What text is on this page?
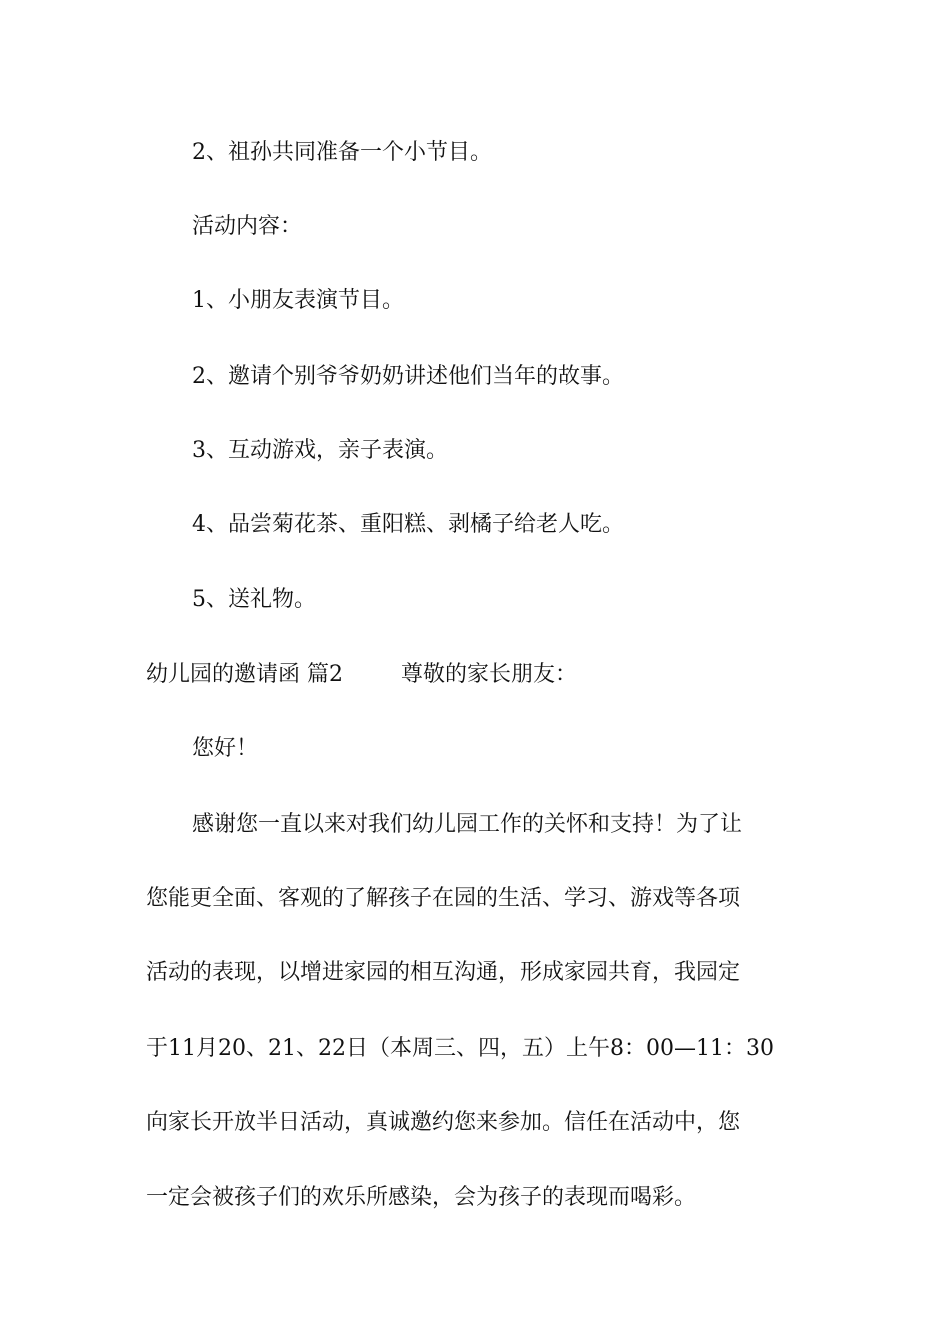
2、祖孙共同准备一个小节目。
活动内容：
1、小朋友表演节目。
2、邀请个别爷爷奶奶讲述他们当年的故事。
3、互动游戏，亲子表演。
4、品尝菊花茶、重阳糕、剥橘子给老人吃。
5、送礼物。
幼儿园的邀请函 篇2	尊敬的家长朋友：
您好！
感谢您一直以来对我们幼儿园工作的关怀和支持！为了让
您能更全面、客观的了解孩子在园的生活、学习、游戏等各项
活动的表现，以增进家园的相互沟通，形成家园共育，我园定
于11月20、21、22日（本周三、四，五）上午8：00—11：30
向家长开放半日活动，真诚邀约您来参加。信任在活动中，您
一定会被孩子们的欢乐所感染，会为孩子的表现而喝彩。
